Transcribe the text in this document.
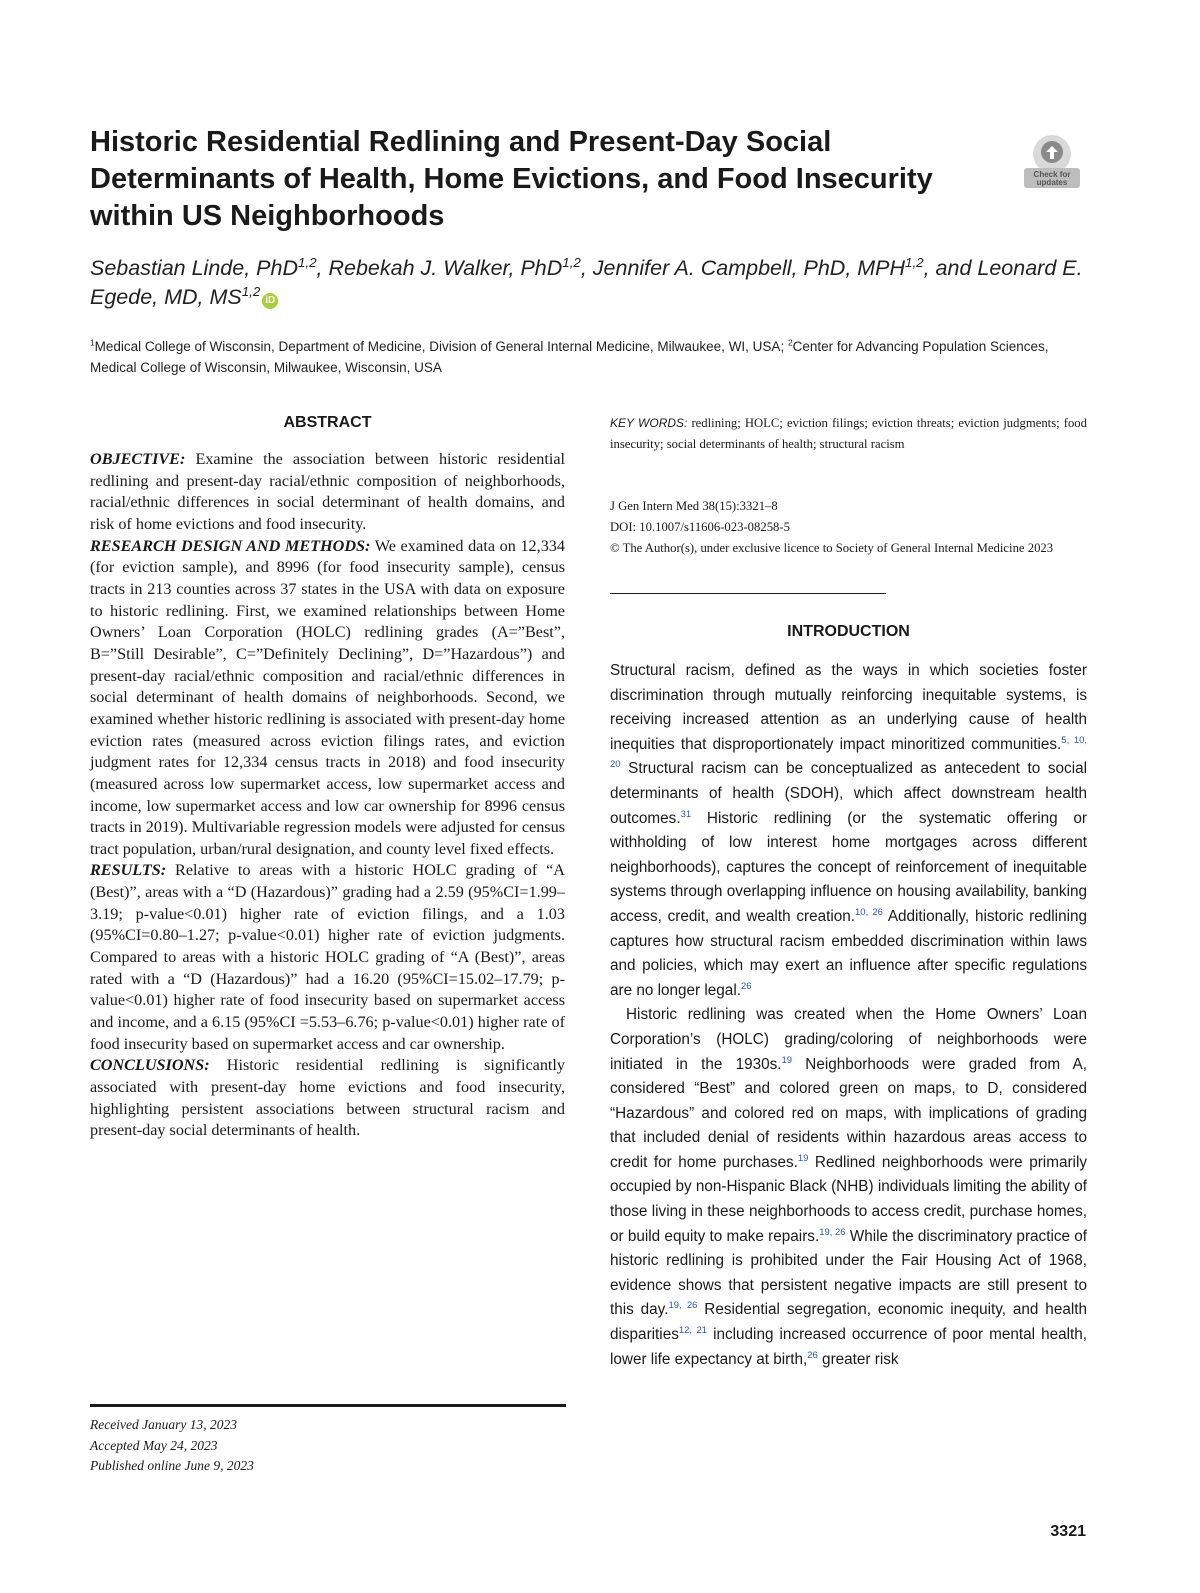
Historic Residential Redlining and Present-Day Social Determinants of Health, Home Evictions, and Food Insecurity within US Neighborhoods
Check for
updates

Sebastian Linde, PhD$^{1,2}$, Rebekah J. Walker, PhD$^{1,2}$, Jennifer A. Campbell, PhD, MPH$^{1,2}$, and Leonard E. Egede, MD, MS$^{1,2}$iD

$^1$Medical College of Wisconsin, Department of Medicine, Division of General Internal Medicine, Milwaukee, WI, USA; $^2$Center for Advancing Population Sciences, Medical College of Wisconsin, Milwaukee, Wisconsin, USA

ABSTRACT

OBJECTIVE: Examine the association between historic residential redlining and present-day racial/ethnic composition of neighborhoods, racial/ethnic differences in social determinant of health domains, and risk of home evictions and food insecurity.

RESEARCH DESIGN AND METHODS: We examined data on 12,334 (for eviction sample), and 8996 (for food insecurity sample), census tracts in 213 counties across 37 states in the USA with data on exposure to historic redlining. First, we examined relationships between Home Owners’ Loan Corporation (HOLC) redlining grades (A=”Best”, B=”Still Desirable”, C=”Definitely Declining”, D=”Hazardous”) and present-day racial/ethnic composition and racial/ethnic differences in social determinant of health domains of neighborhoods. Second, we examined whether historic redlining is associated with present-day home eviction rates (measured across eviction filings rates, and eviction judgment rates for 12,334 census tracts in 2018) and food insecurity (measured across low supermarket access, low supermarket access and income, low supermarket access and low car ownership for 8996 census tracts in 2019). Multivariable regression models were adjusted for census tract population, urban/rural designation, and county level fixed effects.

RESULTS: Relative to areas with a historic HOLC grading of “A (Best)”, areas with a “D (Hazardous)” grading had a 2.59 (95%CI=1.99–3.19; p-value<0.01) higher rate of eviction filings, and a 1.03 (95%CI=0.80–1.27; p-value<0.01) higher rate of eviction judgments. Compared to areas with a historic HOLC grading of “A (Best)”, areas rated with a “D (Hazardous)” had a 16.20 (95%CI=15.02–17.79; p-value<0.01) higher rate of food insecurity based on supermarket access and income, and a 6.15 (95%CI =5.53–6.76; p-value<0.01) higher rate of food insecurity based on supermarket access and car ownership.

CONCLUSIONS: Historic residential redlining is significantly associated with present-day home evictions and food insecurity, highlighting persistent associations between structural racism and present-day social determinants of health.

Received January 13, 2023
Accepted May 24, 2023
Published online June 9, 2023

KEY WORDS: redlining; HOLC; eviction filings; eviction threats; eviction judgments; food insecurity; social determinants of health; structural racism

J Gen Intern Med 38(15):3321–8
DOI: 10.1007/s11606-023-08258-5
© The Author(s), under exclusive licence to Society of General Internal Medicine 2023
INTRODUCTION

Structural racism, defined as the ways in which societies foster discrimination through mutually reinforcing inequitable systems, is receiving increased attention as an underlying cause of health inequities that disproportionately impact minoritized communities.$^{5, 10, 20}$ Structural racism can be conceptualized as antecedent to social determinants of health (SDOH), which affect downstream health outcomes.$^{31}$ Historic redlining (or the systematic offering or withholding of low interest home mortgages across different neighborhoods), captures the concept of reinforcement of inequitable systems through overlapping influence on housing availability, banking access, credit, and wealth creation.$^{10, 26}$ Additionally, historic redlining captures how structural racism embedded discrimination within laws and policies, which may exert an influence after specific regulations are no longer legal.$^{26}$

Historic redlining was created when the Home Owners’ Loan Corporation’s (HOLC) grading/coloring of neighborhoods were initiated in the 1930s.$^{19}$ Neighborhoods were graded from A, considered “Best” and colored green on maps, to D, considered “Hazardous” and colored red on maps, with implications of grading that included denial of residents within hazardous areas access to credit for home purchases.$^{19}$ Redlined neighborhoods were primarily occupied by non-Hispanic Black (NHB) individuals limiting the ability of those living in these neighborhoods to access credit, purchase homes, or build equity to make repairs.$^{19, 26}$ While the discriminatory practice of historic redlining is prohibited under the Fair Housing Act of 1968, evidence shows that persistent negative impacts are still present to this day.$^{19, 26}$ Residential segregation, economic inequity, and health disparities$^{12, 21}$ including increased occurrence of poor mental health, lower life expectancy at birth,$^{26}$ greater risk

3321
